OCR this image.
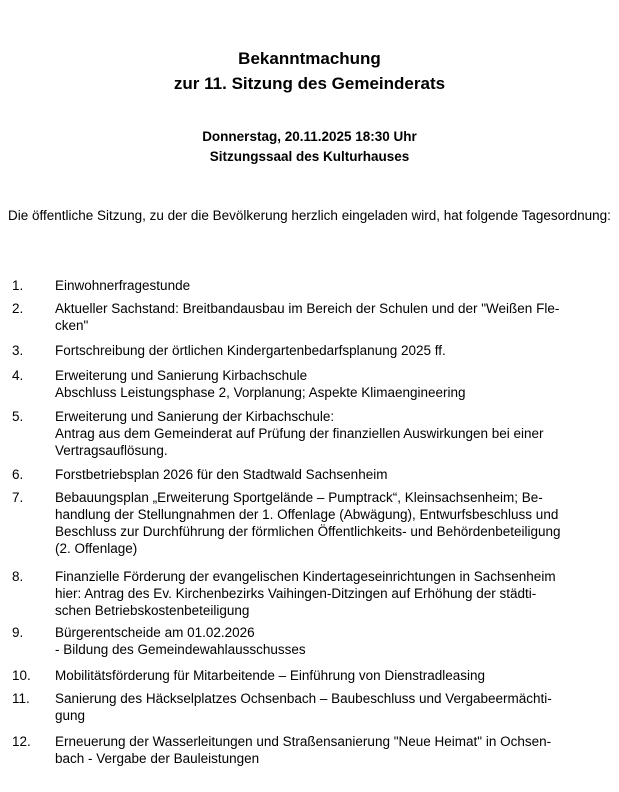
Bekanntmachung
zur 11. Sitzung des Gemeinderats
Donnerstag, 20.11.2025 18:30 Uhr
Sitzungssaal des Kulturhauses
Die öffentliche Sitzung, zu der die Bevölkerung herzlich eingeladen wird, hat folgende Tagesordnung:
1. Einwohnerfragestunde
2. Aktueller Sachstand: Breitbandausbau im Bereich der Schulen und der "Weißen Fle-
cken"
3. Fortschreibung der örtlichen Kindergartenbedarfsplanung 2025 ff.
4. Erweiterung und Sanierung Kirbachschule
Abschluss Leistungsphase 2, Vorplanung; Aspekte Klimaengineering
5. Erweiterung und Sanierung der Kirbachschule:
Antrag aus dem Gemeinderat auf Prüfung der finanziellen Auswirkungen bei einer
Vertragsauflösung.
6. Forstbetriebsplan 2026 für den Stadtwald Sachsenheim
7. Bebauungsplan „Erweiterung Sportgelände – Pumptrack“, Kleinsachsenheim; Be-
handlung der Stellungnahmen der 1. Offenlage (Abwägung), Entwurfsbeschluss und
Beschluss zur Durchführung der förmlichen Öffentlichkeits- und Behördenbeteiligung
(2. Offenlage)
8. Finanzielle Förderung der evangelischen Kindertageseinrichtungen in Sachsenheim
hier: Antrag des Ev. Kirchenbezirks Vaihingen-Ditzingen auf Erhöhung der städti-
schen Betriebskostenbeteiligung
9. Bürgerentscheide am 01.02.2026
- Bildung des Gemeindewahlausschusses
10. Mobilitätsförderung für Mitarbeitende – Einführung von Dienstradleasing
11. Sanierung des Häckselplatzes Ochsenbach – Baubeschluss und Vergabeermächti-
gung
12. Erneuerung der Wasserleitungen und Straßensanierung "Neue Heimat" in Ochsen-
bach - Vergabe der Bauleistungen
